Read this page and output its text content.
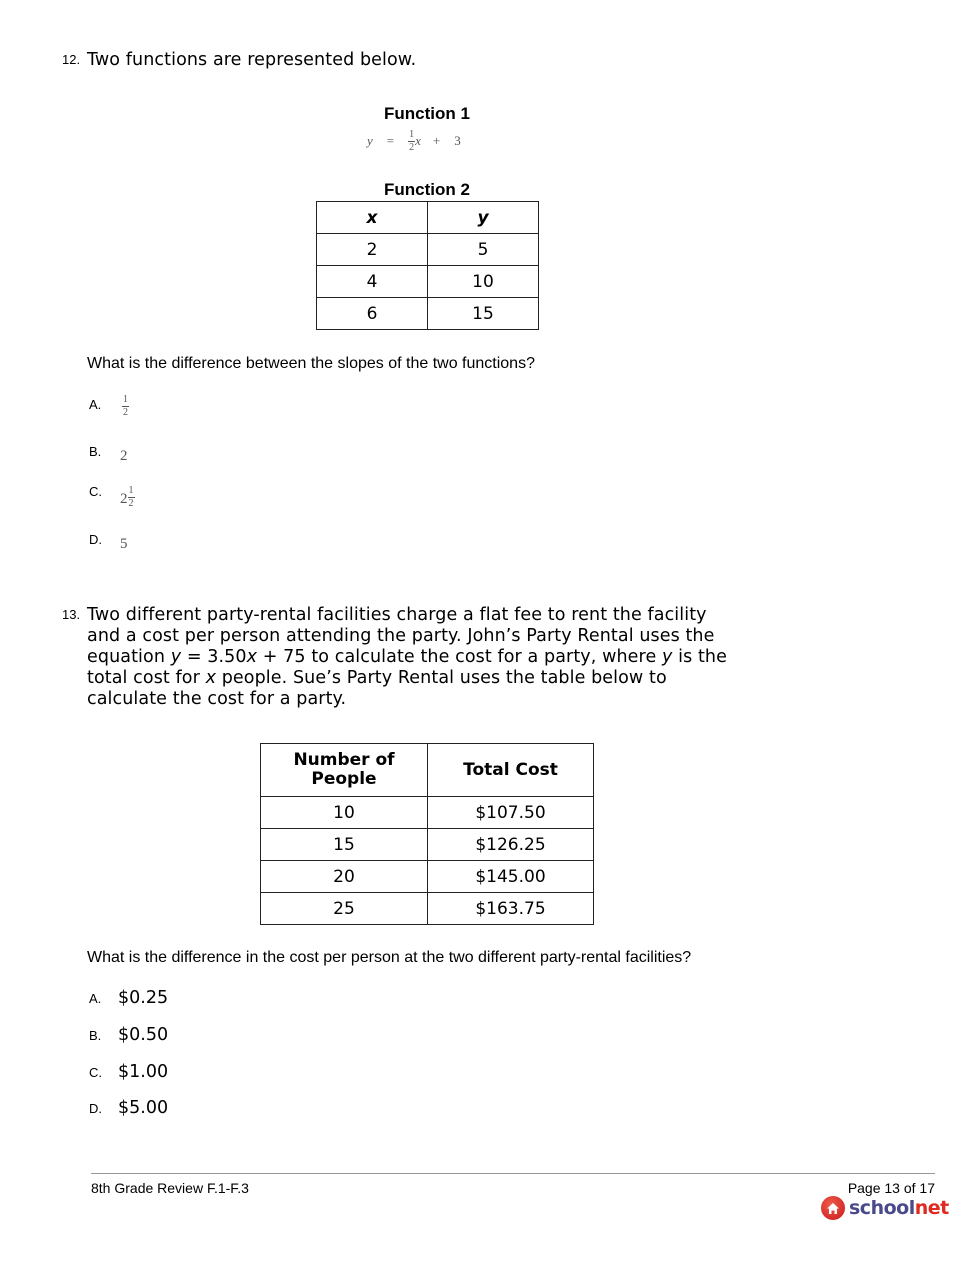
12. Two functions are represented below.
Function 1
$y = \frac{1}{2}$ x + 3
Function 2
x	y
2	5
4	10
6	15
What is the difference between the slopes of the two functions?
A.	$\frac{1}{2}$
B.	2
C.	$2 \frac{1}{2}$
D.	5
13. Two different party-rental facilities charge a flat fee to rent the facility
and a cost per person attending the party. John’s Party Rental uses the
equation y = 3.50x + 75 to calculate the cost for a party, where y is the
total cost for x people. Sue’s Party Rental uses the table below to
calculate the cost for a party.
Number of
People	Total Cost
10	$107.50
15	$126.25
20	$145.00
25	$163.75
What is the difference in the cost per person at the two different party-rental facilities?
A. $0.25
B. $0.50
C. $1.00
D. $5.00
8th Grade Review F.1-F.3	Page 13 of 17
school net
